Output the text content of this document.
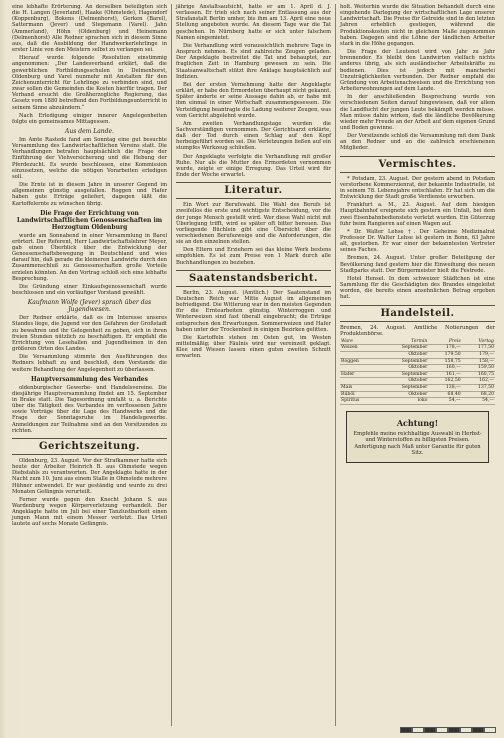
eine lebhafte Erörterung. An derselben beteiligten sich die H. Langen (Jeverland), Haake (Ohmstede), Hagendorf (Koppenburg), Bokens (Delmenhorst), Gerken (Barel), Sattermann (Jever) und Stegemann (Varel). Jahn (Ammerland), Höhn (Oldenburg) und Heinemann (Delmenhorst) Alle Redner sprachen sich in diesem Sinne aus, daß die Ausbildung der Handwerkerlehrlinge in erster Linie von den Meistern selbst zu verlangen sei.

Hierauf wurde folgende Resolution einstimmig angenommen: „Der Landesverband erklärt, daß die gewerblichen Fortbildungsschulen in Delmenhorst, Oldenburg und Varel nunmehr mit Anstalten für den Zeichenunterricht für Lehrlinge zu verbinden sind, und zwar sollen die Gemeinden die Kosten hierfür tragen. Der Verband ersucht die Großherzogliche Regierung, das Gesetz vom 1880 betreffend den Fortbildungsunterricht in seinem Sinne abzuändern.“

Nach Erledigung einiger innerer Angelegenheiten folgte ein gemeinsames Mittagessen.

Aus dem Lande.

Im Amte Rastede fand am Sonntag eine gut besuchte Versammlung des Landwirtschaftlichen Vereins statt. Die Verhandlungen betrafen hauptsächlich die Frage der Einführung der Viehversicherung und die Hebung der Pferdezucht. Es wurde beschlossen, eine Kommission einzusetzen, welche die nötigen Vorarbeiten erledigen soll.

Die Ernte ist in diesem Jahre in unserer Gegend im allgemeinen günstig ausgefallen. Roggen und Hafer haben gute Erträge geliefert, dagegen läßt die Kartoffelernte zu wünschen übrig.

Die Frage der Errichtung von Landwirtschaftlichen Genossenschaften im Herzogtum Oldenburg

wurde am Sonnabend in einer Versammlung in Barel erörtert. Der Referent, Herr Landwirtschaftslehrer Meyer, gab einen Überblick über die Entwicklung der Genossenschaftsbewegung in Deutschland und wies darauf hin, daß gerade die kleineren Landwirte durch den Zusammenschluß zu Genossenschaften große Vorteile erzielen könnten. An den Vortrag schloß sich eine lebhafte Besprechung.

Die Gründung einer Einkaufsgenossenschaft wurde beschlossen und ein vorläufiger Vorstand gewählt.

Kaufmann Wolfe (Jever) sprach über das Jugendwesen.

Der Redner erklärte, daß es im Interesse unseres Standes liege, die Jugend vor den Gefahren der Großstadt zu bewahren und ihr Gelegenheit zu geben, sich in ihren freien Stunden nützlich zu beschäftigen. Er empfahl die Errichtung von Lesehallen und Jugendheimen in den größeren Orten des Landes.

Die Versammlung stimmte den Ausführungen des Redners lebhaft zu und beschloß, dem Vorstande die weitere Behandlung der Angelegenheit zu überlassen.

Hauptversammlung des Verbandes

oldenburgischer Gewerbe- und Handelsvereine. Die diesjährige Hauptversammlung findet am 15. September in Brake statt. Die Tagesordnung umfaßt u. a. Berichte über die Tätigkeit des Verbandes im verflossenen Jahre sowie Vorträge über die Lage des Handwerks und die Frage der Sonntagsruhe im Handelsgewerbe. Anmeldungen zur Teilnahme sind an den Vorsitzenden zu richten.

Gerichtszeitung.

Oldenburg, 23. August. Vor der Strafkammer hatte sich heute der Arbeiter Heinrich B. aus Ohmstede wegen Diebstahls zu verantworten. Der Angeklagte hatte in der Nacht zum 10. Juni aus einem Stalle in Ohmstede mehrere Hühner entwendet. Er war geständig und wurde zu drei Monaten Gefängnis verurteilt.

Ferner wurde gegen den Knecht Johann S. aus Wardenburg wegen Körperverletzung verhandelt. Der Angeklagte hatte im Juli bei einer Tanzlustbarkeit einen jungen Mann mit einem Messer verletzt. Das Urteil lautete auf sechs Monate Gefängnis.

jährige Anstaltsaufsicht, hatte er am 1. April d. J. verlassen. Er trieb sich nach seiner Entlassung aus der Strafanstalt Berlin umher, bis ihm am 13. April eine neue Stellung angeboten wurde. An diesem Tage war die Tat geschehen. In Nürnberg hatte er sich unter falschem Namen eingemietet.

Die Verhandlung wird voraussichtlich mehrere Tage in Anspruch nehmen. Es sind zahlreiche Zeugen geladen. Der Angeklagte bestreitet die Tat und behauptet, zur fraglichen Zeit in Hamburg gewesen zu sein. Die Staatsanwaltschaft stützt ihre Anklage hauptsächlich auf Indizien.

Bei der ersten Vernehmung hatte der Angeklagte erklärt, er habe den Ermordeten überhaupt nicht gekannt. Später änderte er seine Aussage dahin ab, er habe mit ihm einmal in einer Wirtschaft zusammengesessen. Die Verteidigung beantragte die Ladung weiterer Zeugen, was vom Gericht abgelehnt wurde.

Am zweiten Verhandlungstage wurden die Sachverständigen vernommen. Der Gerichtsarzt erklärte, daß der Tod durch einen Schlag auf den Kopf herbeigeführt worden sei. Die Verletzungen ließen auf ein stumpfes Werkzeug schließen.

Der Angeklagte verfolgte die Verhandlung mit großer Ruhe. Nur als die Mutter des Ermordeten vernommen wurde, zeigte er einige Erregung. Das Urteil wird für Ende der Woche erwartet.

Literatur.

Ein Wort zur Berufswahl. Die Wahl des Berufs ist zweifellos die erste und wichtigste Entscheidung, vor die der junge Mensch gestellt wird. Wer diese Wahl nicht mit Überlegung trifft, wird es später oft bitter bereuen. Das vorliegende Büchlein gibt eine Übersicht über die verschiedenen Berufszweige und die Anforderungen, die sie an den einzelnen stellen.

Den Eltern und Erziehern sei das kleine Werk bestens empfohlen. Es ist zum Preise von 1 Mark durch alle Buchhandlungen zu beziehen.

Saatenstandsbericht.

Berlin, 23. August. (Amtlich.) Der Saatenstand im Deutschen Reich war Mitte August im allgemeinen befriedigend. Die Witterung war in den meisten Gegenden für die Erntearbeiten günstig. Winterroggen und Winterweizen sind fast überall eingebracht; die Erträge entsprechen den Erwartungen. Sommerweizen und Hafer haben unter der Trockenheit in einigen Bezirken gelitten.

Die Kartoffeln stehen im Osten gut, im Westen mittelmäßig; über Fäulnis wird nur vereinzelt geklagt. Klee und Wiesen lassen einen guten zweiten Schnitt erwarten.

holt. Weiterhin wurde die Situation behandelt durch eine eingehende Darlegung der wirtschaftlichen Lage unserer Landwirtschaft. Die Preise für Getreide sind in den letzten Jahren erheblich gestiegen, während die Produktionskosten nicht in gleichem Maße zugenommen haben. Dagegen sind die Löhne der ländlichen Arbeiter stark in die Höhe gegangen.

Die Frage der Leutenot wird von Jahr zu Jahr brennender. Es bleibt den Landwirten vielfach nichts anderes übrig, als sich ausländischer Arbeitskräfte zu bedienen. Dies ist jedoch mit mancherlei Unzuträglichkeiten verbunden. Der Redner empfahl die Gründung von Arbeitsnachweisen und die Errichtung von Arbeiterwohnungen auf dem Lande.

In der anschließenden Besprechung wurde von verschiedenen Seiten darauf hingewiesen, daß vor allem die Landflucht der jungen Leute bekämpft werden müsse. Man müsse dahin wirken, daß die ländliche Bevölkerung wieder mehr Freude an der Arbeit auf dem eigenen Grund und Boden gewinne.

Der Vorsitzende schloß die Versammlung mit dem Dank an den Redner und an die zahlreich erschienenen Mitglieder.

Vermischtes.

* Potsdam, 23. August. Der gestern abend in Potsdam verstorbene Kommerzienrat, der bekannte Industrielle, ist in seinem 78. Lebensjahre entschlafen. Er hat sich um die Entwicklung der Stadt große Verdienste erworben.

Frankfurt a. M., 23. August. Auf dem hiesigen Hauptbahnhof ereignete sich gestern ein Unfall, bei dem zwei Eisenbahnbedienstete verletzt wurden. Ein Güterzug fuhr beim Rangieren auf einen Wagen auf.

* Dr. Walter Lehse †. Der Geheime Medizinalrat Professor Dr. Walter Lehse ist gestern in Bonn, 63 Jahre alt, gestorben. Er war einer der bekanntesten Vertreter seines Faches.

Bremen, 24. August. Unter großer Beteiligung der Bevölkerung fand gestern hier die Einweihung des neuen Stadtparks statt. Der Bürgermeister hielt die Festrede.

Hotel Hensel. In dem schweizer Städtchen ist eine Sammlung für die Geschädigten des Brandes eingeleitet worden, die bereits einen ansehnlichen Betrag ergeben hat.

Handelsteil.

Bremen, 24. August. Amtliche Notierungen der Produktenbörse.

Ware	Termin	Preis	Vortag
Weizen	September	178,—	177,50
	Oktober	179,50	179,—
Roggen	September	158,75	158,—
	Oktober	160,—	159,50
Hafer	September	161,—	160,75
	Oktober	162,50	162,—
Mais	September	138,—	137,50
Rüböl	Oktober	68,40	68,20
Spiritus	loko	54,—	54,—
Achtung!
Empfehle meine reichhaltige Auswahl in Herbst- und Winterstoffen zu billigsten Preisen. Anfertigung nach Maß unter Garantie für guten Sitz.
